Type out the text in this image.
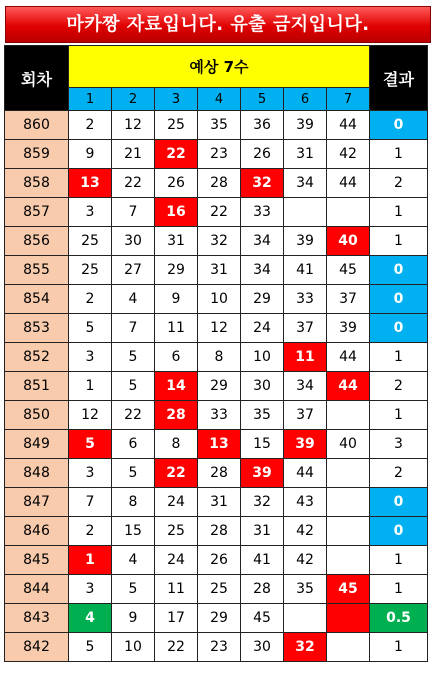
마카짱 자료입니다. 유출 금지입니다.
회차	예상 7수							결과
	1	2	3	4	5	6	7	
860	2	12	25	35	36	39	44	0
859	9	21	22	23	26	31	42	1
858	13	22	26	28	32	34	44	2
857	3	7	16	22	33			1
856	25	30	31	32	34	39	40	1
855	25	27	29	31	34	41	45	0
854	2	4	9	10	29	33	37	0
853	5	7	11	12	24	37	39	0
852	3	5	6	8	10	11	44	1
851	1	5	14	29	30	34	44	2
850	12	22	28	33	35	37		1
849	5	6	8	13	15	39	40	3
848	3	5	22	28	39	44		2
847	7	8	24	31	32	43		0
846	2	15	25	28	31	42		0
845	1	4	24	26	41	42		1
844	3	5	11	25	28	35	45	1
843	4	9	17	29	45			0.5
842	5	10	22	23	30	32		1
